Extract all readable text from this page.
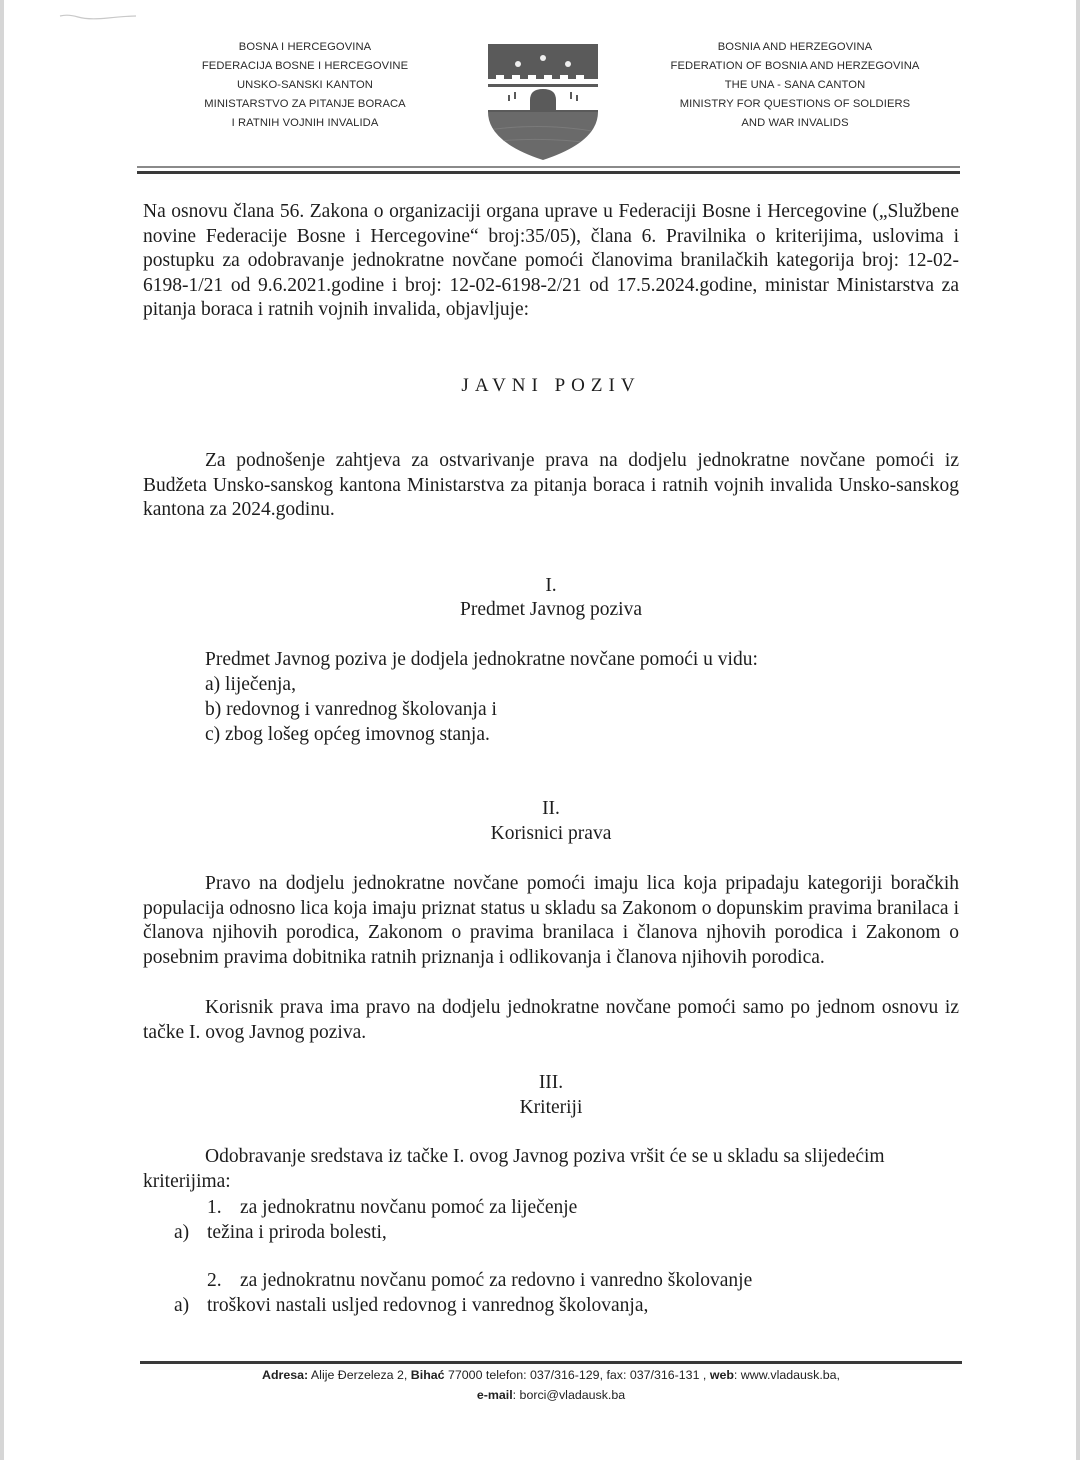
BOSNA I HERCEGOVINA
FEDERACIJA BOSNE I HERCEGOVINE
UNSKO-SANSKI KANTON
MINISTARSTVO ZA PITANJE BORACA
I RATNIH VOJNIH INVALIDA
BOSNIA AND HERZEGOVINA
FEDERATION OF BOSNIA AND HERZEGOVINA
THE UNA - SANA CANTON
MINISTRY FOR QUESTIONS OF SOLDIERS
AND WAR INVALIDS
Na osnovu člana 56. Zakona o organizaciji organa uprave u Federaciji Bosne i Hercegovine („Službene novine Federacije Bosne i Hercegovine“ broj:35/05), člana 6. Pravilnika o kriterijima, uslovima i postupku za odobravanje jednokratne novčane pomoći članovima branilačkih kategorija broj: 12-02-6198-1/21 od 9.6.2021.godine i broj: 12-02-6198-2/21 od 17.5.2024.godine, ministar Ministarstva za pitanja boraca i ratnih vojnih invalida, objavljuje:
JAVNI POZIV
Za podnošenje zahtjeva za ostvarivanje prava na dodjelu jednokratne novčane pomoći iz Budžeta Unsko-sanskog kantona Ministarstva za pitanja boraca i ratnih vojnih invalida Unsko-sanskog kantona za 2024.godinu.
I.
Predmet Javnog poziva
Predmet Javnog poziva je dodjela jednokratne novčane pomoći u vidu:
a) liječenja,
b) redovnog i vanrednog školovanja i
c) zbog lošeg općeg imovnog stanja.
II.
Korisnici prava
Pravo na dodjelu jednokratne novčane pomoći imaju lica koja pripadaju kategoriji boračkih populacija odnosno lica koja imaju priznat status u skladu sa Zakonom o dopunskim pravima branilaca i članova njihovih porodica, Zakonom o pravima branilaca i članova njhovih porodica i Zakonom o posebnim pravima dobitnika ratnih priznanja i odlikovanja i članova njihovih porodica.
Korisnik prava ima pravo na dodjelu jednokratne novčane pomoći samo po jednom osnovu iz tačke I. ovog Javnog poziva.
III.
Kriteriji
Odobravanje sredstava iz tačke I. ovog Javnog poziva vršit će se u skladu sa slijedećim kriterijima:
1. za jednokratnu novčanu pomoć za liječenje
a) težina i priroda bolesti,
2. za jednokratnu novčanu pomoć za redovno i vanredno školovanje
a) troškovi nastali usljed redovnog i vanrednog školovanja,
Adresa: Alije Đerzeleza 2, Bihać 77000 telefon: 037/316-129, fax: 037/316-131 , web: www.vladausk.ba,
e-mail: borci@vladausk.ba
